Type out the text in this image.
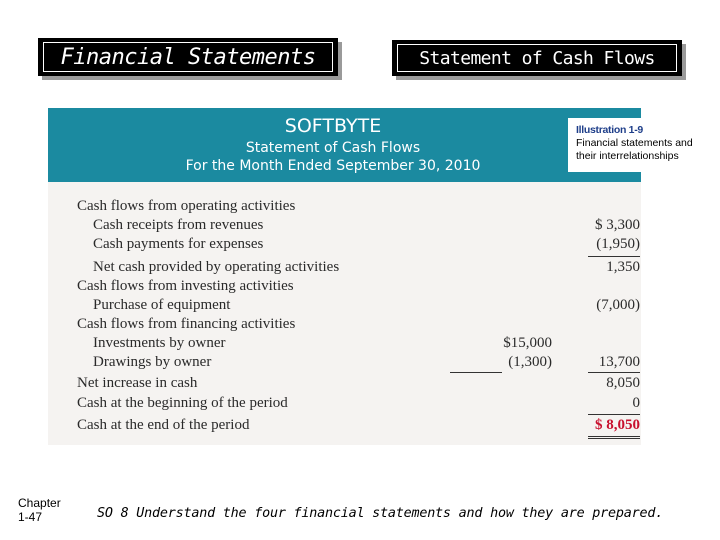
Financial Statements	Statement of Cash Flows
SOFTBYTE
Statement of Cash Flows
For the Month Ended September 30, 2010
Cash flows from operating activities
Cash receipts from revenues	$ 3,300
Cash payments for expenses	(1,950)
Net cash provided by operating activities	1,350
Cash flows from investing activities
Purchase of equipment	(7,000)
Cash flows from financing activities
Investments by owner	$15,000
Drawings by owner	(1,300)	13,700
Net increase in cash	8,050
Cash at the beginning of the period	0
Cash at the end of the period	$ 8,050
Illustration 1-9
Financial statements and
their interrelationships
Chapter
1-47	SO 8 Understand the four financial statements and how they are prepared.
